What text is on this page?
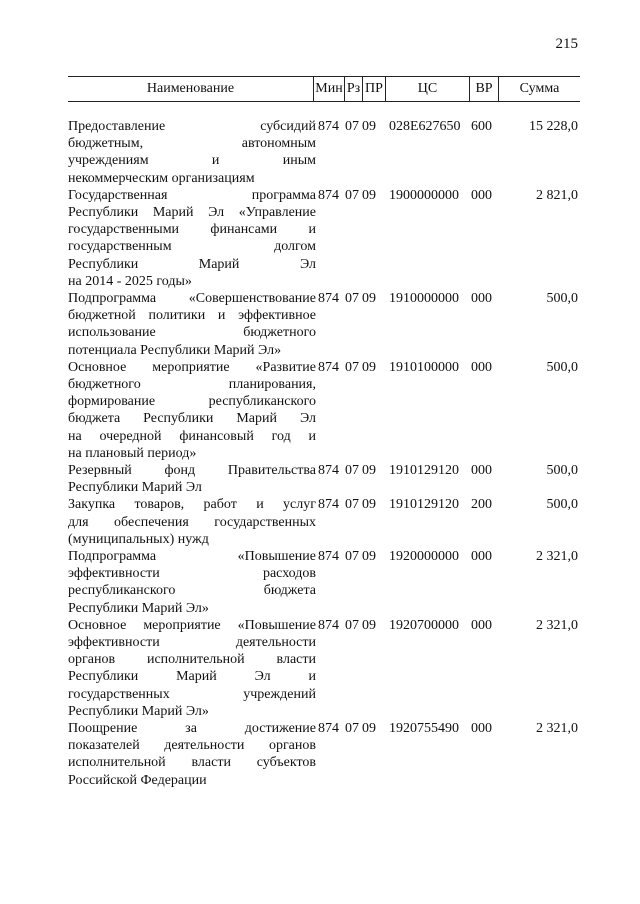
215
Наименование	Мин Рз ПР	ЦС	ВР	Сумма
Предоставление субсидий
бюджетным, автономным
учреждениям и иным
некоммерческим организациям
874 07 09 028Е627650 600	15 228,0
Государственная программа
Республики Марий Эл «Управление
государственными финансами и
государственным долгом
Республики Марий Эл
на 2014 - 2025 годы»
874 07 09 1900000000 000	2 821,0
Подпрограмма «Совершенствование
бюджетной политики и эффективное
использование бюджетного
потенциала Республики Марий Эл»
874 07 09 1910000000 000	500,0
Основное мероприятие «Развитие
бюджетного планирования,
формирование республиканского
бюджета Республики Марий Эл
на очередной финансовый год и
на плановый период»
874 07 09 1910100000 000	500,0
Резервный фонд Правительства
Республики Марий Эл
874 07 09 1910129120 000	500,0
Закупка товаров, работ и услуг
для обеспечения государственных
(муниципальных) нужд
874 07 09 1910129120 200	500,0
Подпрограмма «Повышение
эффективности расходов
республиканского бюджета
Республики Марий Эл»
874 07 09 1920000000 000	2 321,0
Основное мероприятие «Повышение
эффективности деятельности
органов исполнительной власти
Республики Марий Эл и
государственных учреждений
Республики Марий Эл»
874 07 09 1920700000 000	2 321,0
Поощрение за достижение
показателей деятельности органов
исполнительной власти субъектов
Российской Федерации
874 07 09 1920755490 000	2 321,0
